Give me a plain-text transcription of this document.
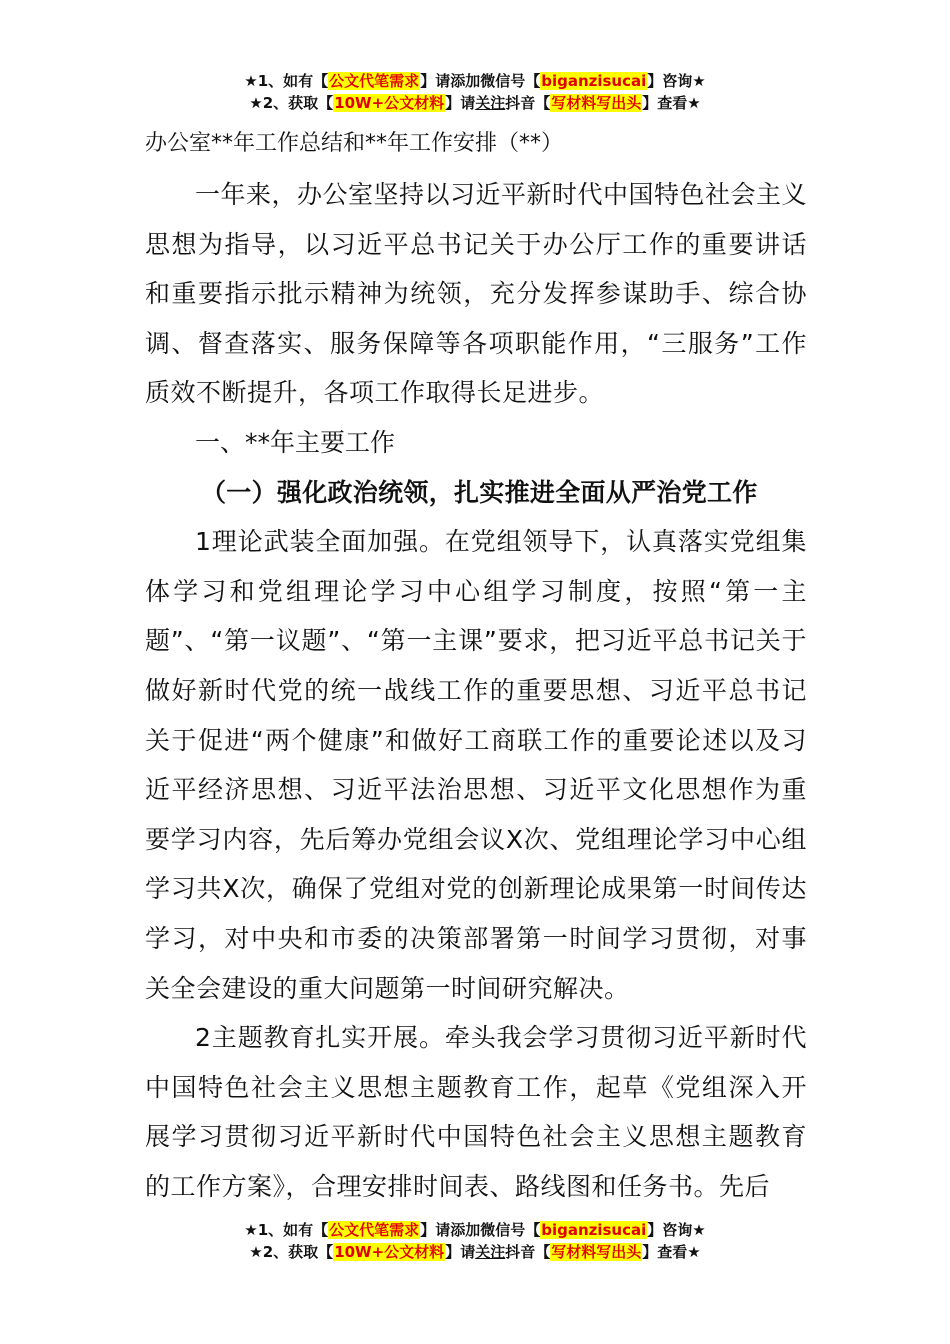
★1、如有【公文代笔需求】请添加微信号【biganzisucai】咨询★
★2、获取【10W+公文材料】请关注抖音【写材料写出头】查看★

办公室**年工作总结和**年工作安排（**）

一年来，办公室坚持以习近平新时代中国特色社会主义思想为指导，以习近平总书记关于办公厅工作的重要讲话和重要指示批示精神为统领，充分发挥参谋助手、综合协调、督查落实、服务保障等各项职能作用，“三服务”工作质效不断提升，各项工作取得长足进步。

一、**年主要工作

（一）强化政治统领，扎实推进全面从严治党工作

1理论武装全面加强。在党组领导下，认真落实党组集体学习和党组理论学习中心组学习制度，按照“第一主题”、“第一议题”、“第一主课”要求，把习近平总书记关于做好新时代党的统一战线工作的重要思想、习近平总书记关于促进“两个健康”和做好工商联工作的重要论述以及习近平经济思想、习近平法治思想、习近平文化思想作为重要学习内容，先后筹办党组会议X次、党组理论学习中心组学习共X次，确保了党组对党的创新理论成果第一时间传达学习，对中央和市委的决策部署第一时间学习贯彻，对事关全会建设的重大问题第一时间研究解决。

2主题教育扎实开展。牵头我会学习贯彻习近平新时代中国特色社会主义思想主题教育工作，起草《党组深入开展学习贯彻习近平新时代中国特色社会主义思想主题教育的工作方案》，合理安排时间表、路线图和任务书。先后

★1、如有【公文代笔需求】请添加微信号【biganzisucai】咨询★
★2、获取【10W+公文材料】请关注抖音【写材料写出头】查看★
